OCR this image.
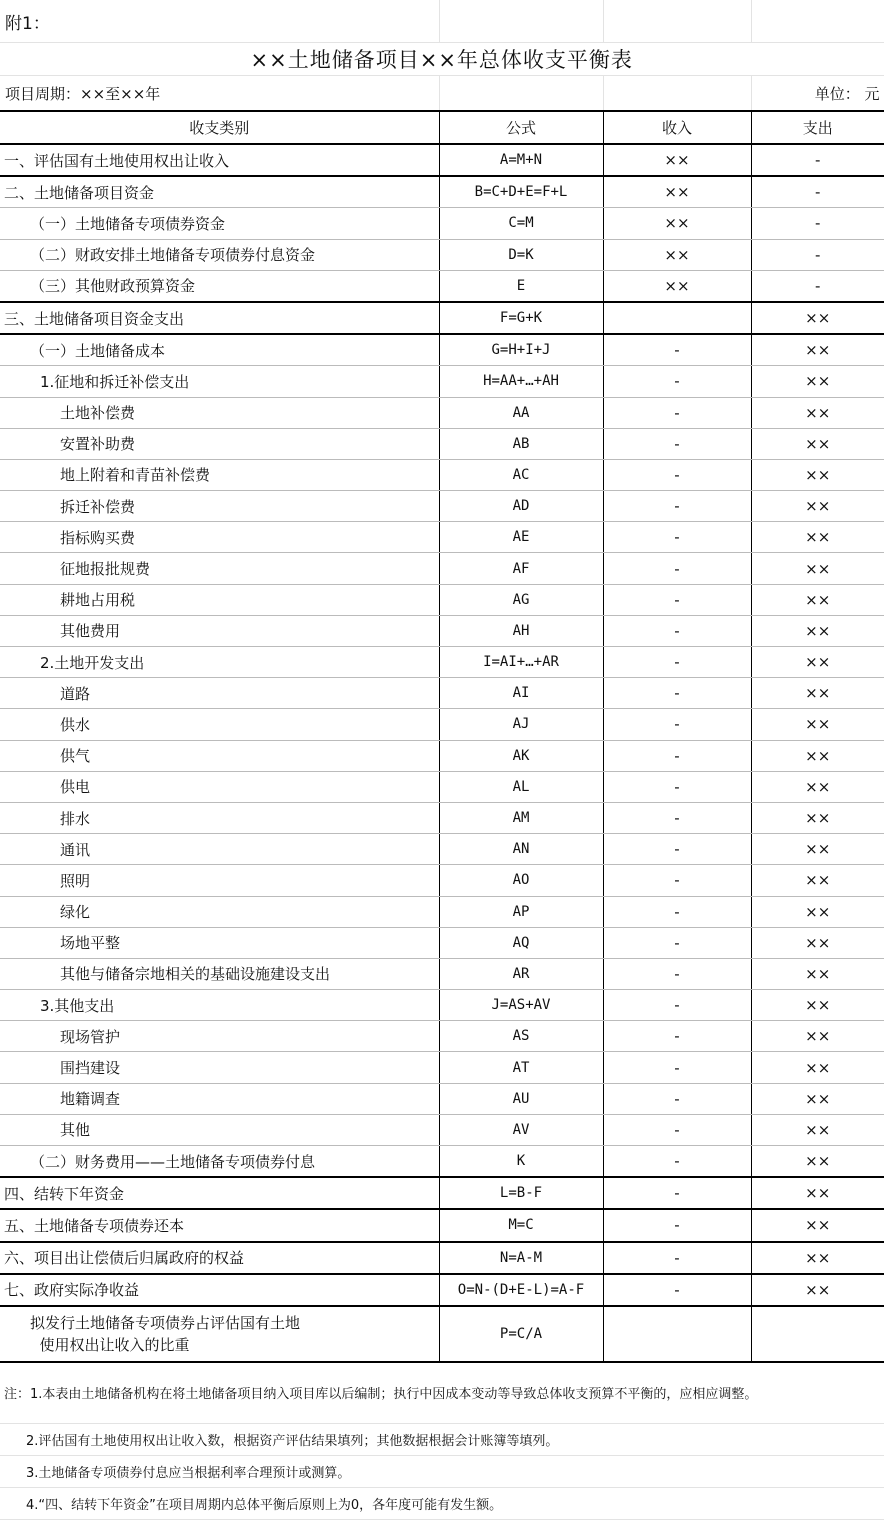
附1：			
××土地储备项目××年总体收支平衡表			
项目周期：××至××年			单位： 元
收支类别	公式	收入	支出
一、评估国有土地使用权出让收入	A=M+N	××	-
二、土地储备项目资金	B=C+D+E=F+L	××	-
（一）土地储备专项债券资金	C=M	××	-
（二）财政安排土地储备专项债券付息资金	D=K	××	-
（三）其他财政预算资金	E	××	-
三、土地储备项目资金支出	F=G+K		××
（一）土地储备成本	G=H+I+J	-	××
1.征地和拆迁补偿支出	H=AA+…+AH	-	××
土地补偿费	AA	-	××
安置补助费	AB	-	××
地上附着和青苗补偿费	AC	-	××
拆迁补偿费	AD	-	××
指标购买费	AE	-	××
征地报批规费	AF	-	××
耕地占用税	AG	-	××
其他费用	AH	-	××
2.土地开发支出	I=AI+…+AR	-	××
道路	AI	-	××
供水	AJ	-	××
供气	AK	-	××
供电	AL	-	××
排水	AM	-	××
通讯	AN	-	××
照明	AO	-	××
绿化	AP	-	××
场地平整	AQ	-	××
其他与储备宗地相关的基础设施建设支出	AR	-	××
3.其他支出	J=AS+AV	-	××
现场管护	AS	-	××
围挡建设	AT	-	××
地籍调查	AU	-	××
其他	AV	-	××
（二）财务费用——土地储备专项债券付息	K	-	××
四、结转下年资金	L=B-F	-	××
五、土地储备专项债券还本	M=C	-	××
六、项目出让偿债后归属政府的权益	N=A-M	-	××
七、政府实际净收益	O=N-(D+E-L)=A-F	-	××
拟发行土地储备专项债券占评估国有土地
使用权出让收入的比重	P=C/A		
注：1.本表由土地储备机构在将土地储备项目纳入项目库以后编制；执行中因成本变动等导致总体收支预算不平衡的，应相应调整。
2.评估国有土地使用权出让收入数，根据资产评估结果填列；其他数据根据会计账簿等填列。
3.土地储备专项债券付息应当根据利率合理预计或测算。
4.“四、结转下年资金”在项目周期内总体平衡后原则上为0，各年度可能有发生额。
